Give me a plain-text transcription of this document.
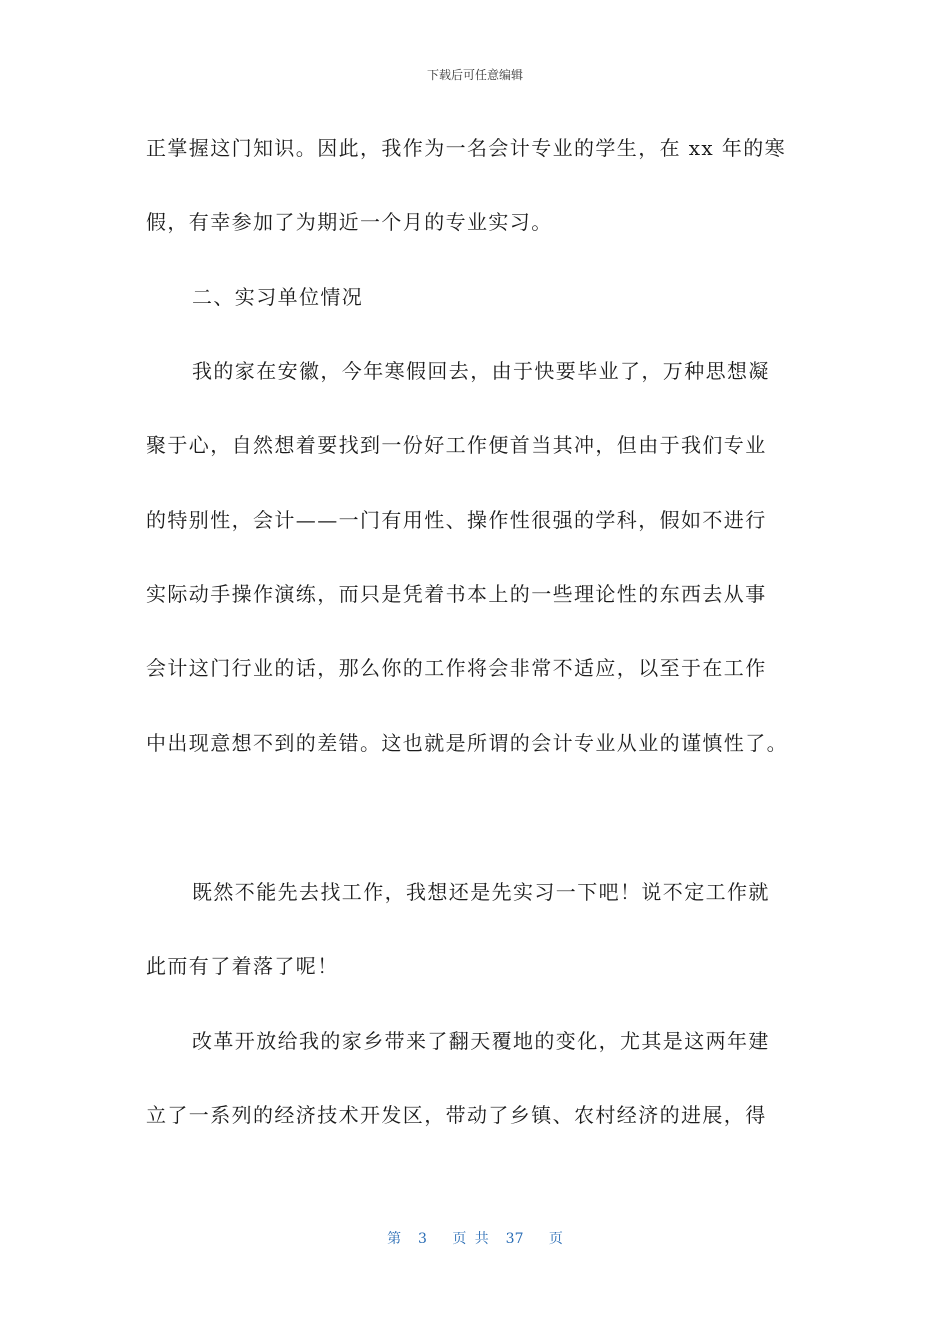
下载后可任意编辑
正掌握这门知识。因此，我作为一名会计专业的学生，在 xx 年的寒
假，有幸参加了为期近一个月的专业实习。
二、实习单位情况
我的家在安徽，今年寒假回去，由于快要毕业了，万种思想凝
聚于心，自然想着要找到一份好工作便首当其冲，但由于我们专业
的特别性，会计——一门有用性、操作性很强的学科，假如不进行
实际动手操作演练，而只是凭着书本上的一些理论性的东西去从事
会计这门行业的话，那么你的工作将会非常不适应，以至于在工作
中出现意想不到的差错。这也就是所谓的会计专业从业的谨慎性了。
既然不能先去找工作，我想还是先实习一下吧！说不定工作就
此而有了着落了呢！
改革开放给我的家乡带来了翻天覆地的变化，尤其是这两年建
立了一系列的经济技术开发区，带动了乡镇、农村经济的进展，得
第  3   页 共  37   页
